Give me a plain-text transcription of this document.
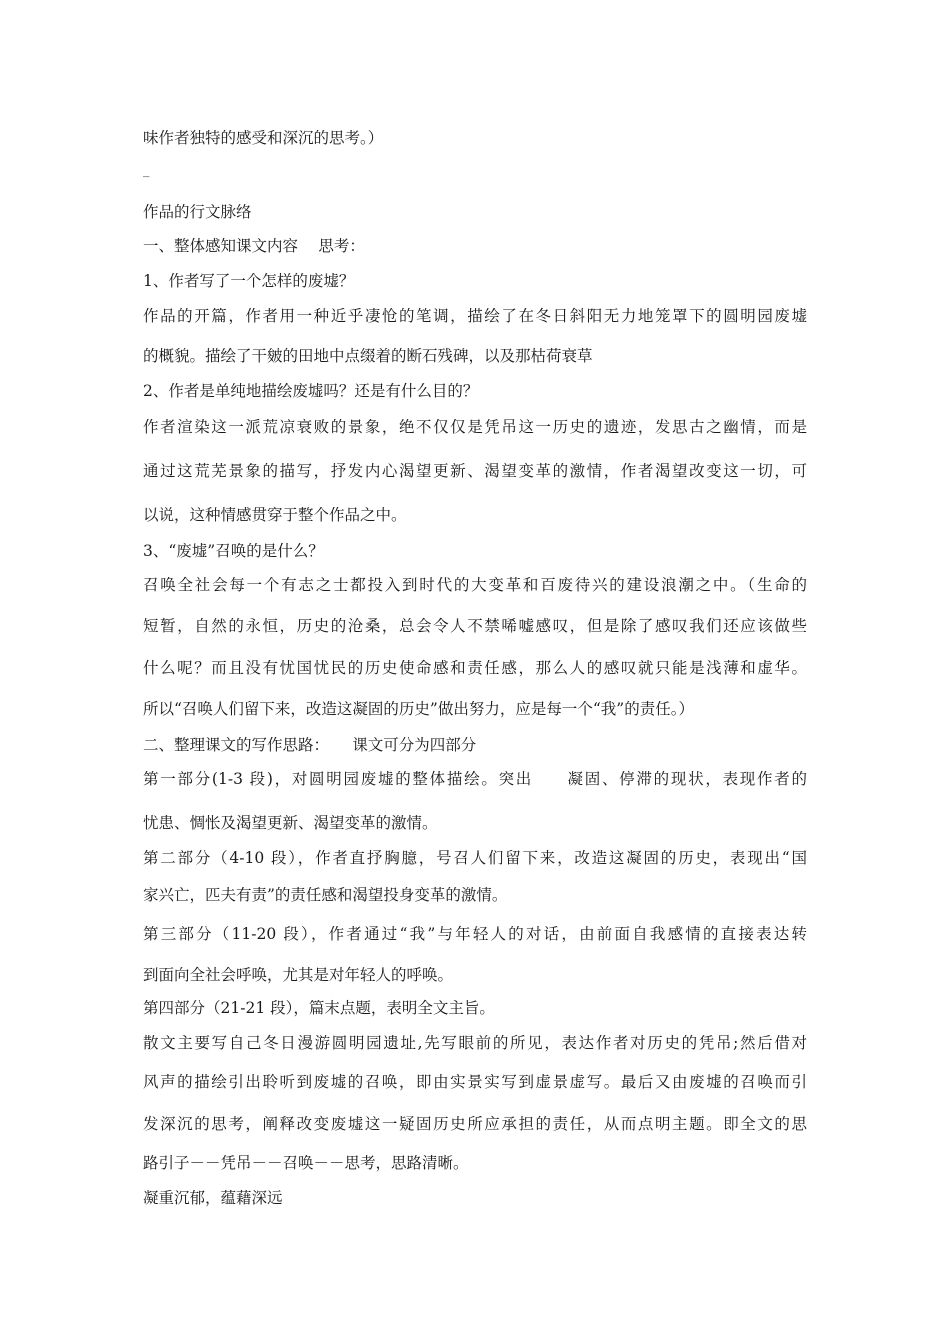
味作者独特的感受和深沉的思考。）
_
作品的行文脉络
一、整体感知课文内容　 思考：
1、作者写了一个怎样的废墟？
作品的开篇，作者用一种近乎凄怆的笔调，描绘了在冬日斜阳无力地笼罩下的圆明园废墟
的概貌。描绘了干皴的田地中点缀着的断石残碑，以及那枯荷衰草
2、作者是单纯地描绘废墟吗？还是有什么目的？
作者渲染这一派荒凉衰败的景象，绝不仅仅是凭吊这一历史的遗迹，发思古之幽情，而是
通过这荒芜景象的描写，抒发内心渴望更新、渴望变革的激情，作者渴望改变这一切，可
以说，这种情感贯穿于整个作品之中。
3、“废墟”召唤的是什么？
召唤全社会每一个有志之士都投入到时代的大变革和百废待兴的建设浪潮之中。（生命的
短暂，自然的永恒，历史的沧桑，总会令人不禁唏嘘感叹，但是除了感叹我们还应该做些
什么呢？而且没有忧国忧民的历史使命感和责任感，那么人的感叹就只能是浅薄和虚华。
所以“召唤人们留下来，改造这凝固的历史”做出努力，应是每一个“我”的责任。）
二、整理课文的写作思路：　　课文可分为四部分
第一部分(1-3 段)，对圆明园废墟的整体描绘。突出　　凝固、停滞的现状，表现作者的
忧患、惆怅及渴望更新、渴望变革的激情。
第二部分（4-10 段），作者直抒胸臆，号召人们留下来，改造这凝固的历史，表现出“国
家兴亡，匹夫有责”的责任感和渴望投身变革的激情。
第三部分（11-20 段），作者通过“我”与年轻人的对话，由前面自我感情的直接表达转
到面向全社会呼唤，尤其是对年轻人的呼唤。
第四部分（21-21 段），篇末点题，表明全文主旨。
散文主要写自己冬日漫游圆明园遗址,先写眼前的所见，表达作者对历史的凭吊;然后借对
风声的描绘引出聆听到废墟的召唤，即由实景实写到虚景虚写。最后又由废墟的召唤而引
发深沉的思考，阐释改变废墟这一疑固历史所应承担的责任，从而点明主题。即全文的思
路引子－－凭吊－－召唤－－思考，思路清晰。
凝重沉郁，蕴藉深远
